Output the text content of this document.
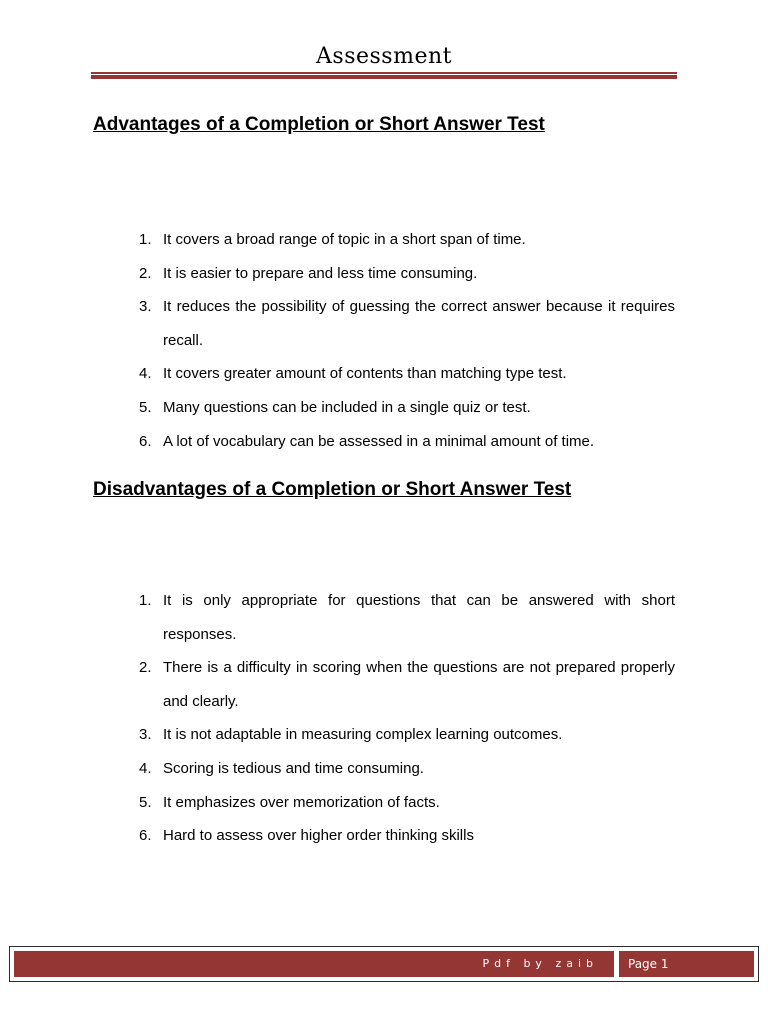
Assessment
Advantages of a Completion or Short Answer Test
1. It covers a broad range of topic in a short span of time.
2. It is easier to prepare and less time consuming.
3. It reduces the possibility of guessing the correct answer because it requires recall.
4. It covers greater amount of contents than matching type test.
5. Many questions can be included in a single quiz or test.
6. A lot of vocabulary can be assessed in a minimal amount of time.
Disadvantages of a Completion or Short Answer Test
1. It is only appropriate for questions that can be answered with short responses.
2. There is a difficulty in scoring when the questions are not prepared properly and clearly.
3. It is not adaptable in measuring complex learning outcomes.
4. Scoring is tedious and time consuming.
5. It emphasizes over memorization of facts.
6. Hard to assess over higher order thinking skills
Pdf by zaib	Page 1
